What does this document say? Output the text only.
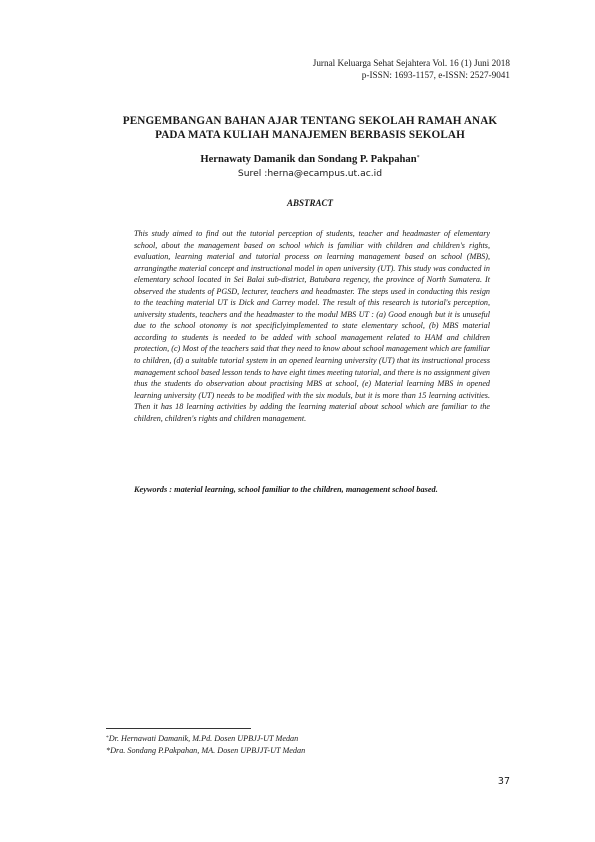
Jurnal Keluarga Sehat Sejahtera Vol. 16 (1) Juni 2018
p-ISSN: 1693-1157, e-ISSN: 2527-9041
PENGEMBANGAN BAHAN AJAR TENTANG SEKOLAH RAMAH ANAK
PADA MATA KULIAH MANAJEMEN BERBASIS SEKOLAH
Hernawaty Damanik dan Sondang P. Pakpahan*
Surel :herna@ecampus.ut.ac.id
ABSTRACT

This study aimed to find out the tutorial perception of students, teacher and headmaster of elementary school, about the management based on school which is familiar with children and children's rights, evaluation, learning material and tutorial process on learning management based on school (MBS), arrangingthe material concept and instructional model in open university (UT). This study was conducted in elementary school located in Sei Balai sub-district, Batubara regency, the province of North Sumatera. It observed the students of PGSD, lecturer, teachers and headmaster. The steps used in conducting this resign to the teaching material UT is Dick and Carrey model. The result of this research is tutorial's perception, university students, teachers and the headmaster to the modul MBS UT : (a) Good enough but it is unuseful due to the school otonomy is not specificlyimplemented to state elementary school, (b) MBS material according to students is needed to be added with school management related to HAM and children protection, (c) Most of the teachers said that they need to know about school management which are familiar to children, (d) a suitable tutorial system in an opened learning university (UT) that its instructional process management school based lesson tends to have eight times meeting tutorial, and there is no assignment given thus the students do observation about practising MBS at school, (e) Material learning MBS in opened learning university (UT) needs to be modified with the six moduls, but it is more than 15 learning activities. Then it has 18 learning activities by adding the learning material about school which are familiar to the children, children's rights and children management.

Keywords : material learning, school familiar to the children, management school based.
*Dr. Hernawati Damanik, M.Pd. Dosen UPBJJ-UT Medan
*Dra. Sondang P.Pakpahan, MA. Dosen UPBJJT-UT Medan
37
